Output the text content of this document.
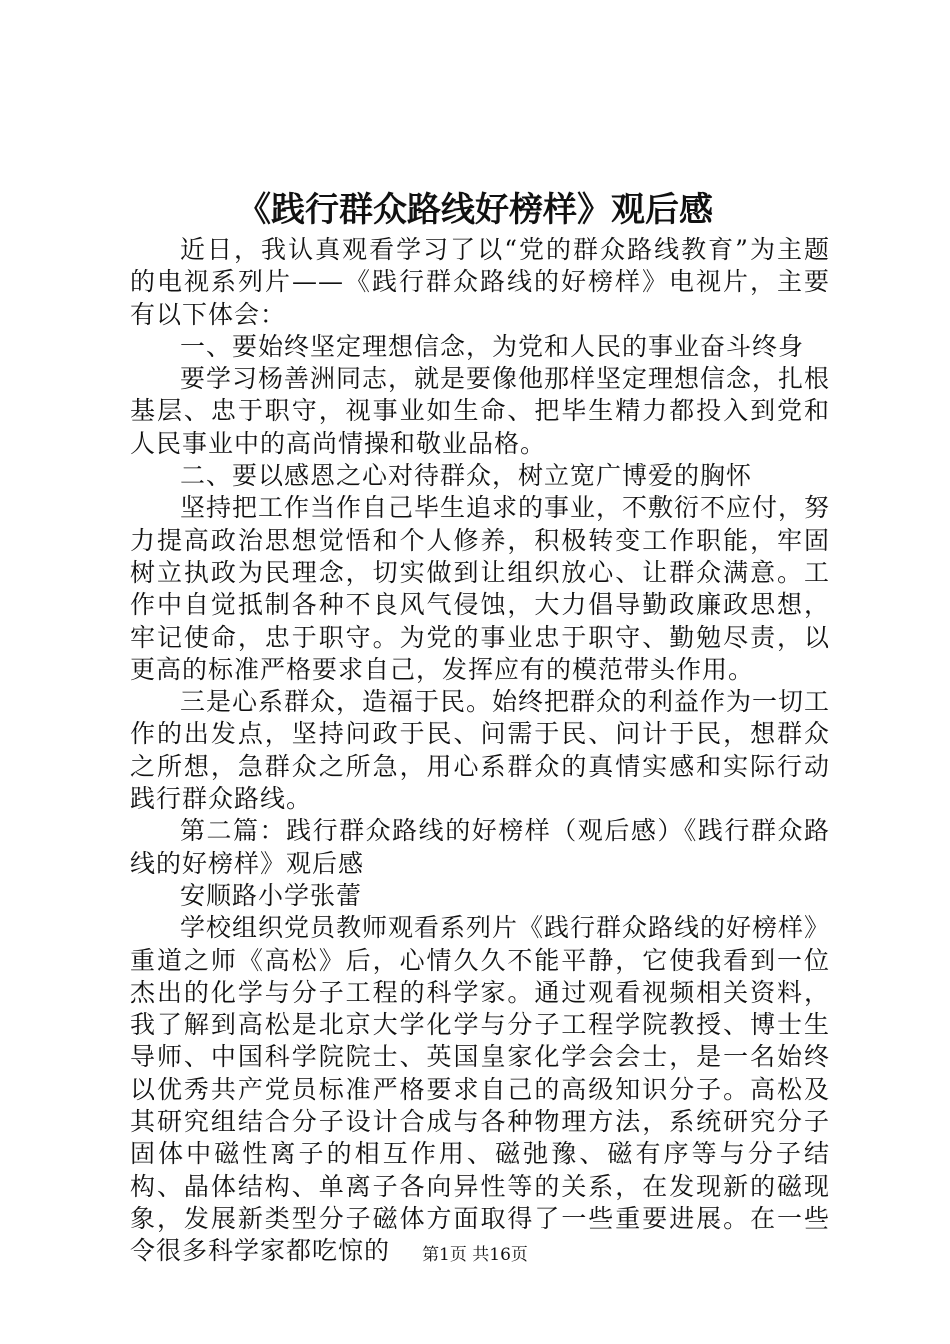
《践行群众路线好榜样》观后感

近日，我认真观看学习了以“党的群众路线教育”为主题的电视系列片——《践行群众路线的好榜样》电视片，主要有以下体会：

一、要始终坚定理想信念，为党和人民的事业奋斗终身

要学习杨善洲同志，就是要像他那样坚定理想信念，扎根基层、忠于职守，视事业如生命、把毕生精力都投入到党和人民事业中的高尚情操和敬业品格。

二、要以感恩之心对待群众，树立宽广博爱的胸怀

坚持把工作当作自己毕生追求的事业，不敷衍不应付，努力提高政治思想觉悟和个人修养，积极转变工作职能，牢固树立执政为民理念，切实做到让组织放心、让群众满意。工作中自觉抵制各种不良风气侵蚀，大力倡导勤政廉政思想，牢记使命，忠于职守。为党的事业忠于职守、勤勉尽责，以更高的标准严格要求自己，发挥应有的模范带头作用。

三是心系群众，造福于民。始终把群众的利益作为一切工作的出发点，坚持问政于民、问需于民、问计于民，想群众之所想，急群众之所急，用心系群众的真情实感和实际行动践行群众路线。

第二篇：践行群众路线的好榜样（观后感）《践行群众路线的好榜样》观后感

安顺路小学张蕾

学校组织党员教师观看系列片《践行群众路线的好榜样》重道之师《高松》后，心情久久不能平静，它使我看到一位杰出的化学与分子工程的科学家。通过观看视频相关资料，我了解到高松是北京大学化学与分子工程学院教授、博士生导师、中国科学院院士、英国皇家化学会会士，是一名始终以优秀共产党员标准严格要求自己的高级知识分子。高松及其研究组结合分子设计合成与各种物理方法，系统研究分子固体中磁性离子的相互作用、磁弛豫、磁有序等与分子结构、晶体结构、单离子各向异性等的关系，在发现新的磁现象，发展新类型分子磁体方面取得了一些重要进展。在一些令很多科学家都吃惊的	第1页 共16页
